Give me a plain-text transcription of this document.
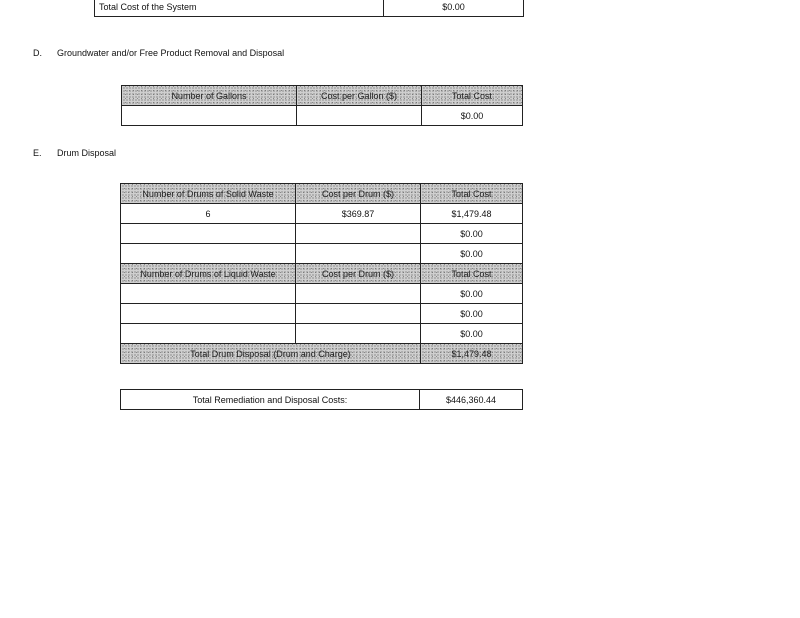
Total Cost of the System	$0.00
D. Groundwater and/or Free Product Removal and Disposal
Number of Gallons	Cost per Gallon ($)	Total Cost
		$0.00
E. Drum Disposal
Number of Drums of Solid Waste	Cost per Drum ($)	Total Cost
6	$369.87	$1,479.48
		$0.00
		$0.00
Number of Drums of Liquid Waste	Cost per Drum ($)	Total Cost
		$0.00
		$0.00
		$0.00
Total Drum Disposal (Drum and Charge)		$1,479.48
Total Remediation and Disposal Costs:	$446,360.44
